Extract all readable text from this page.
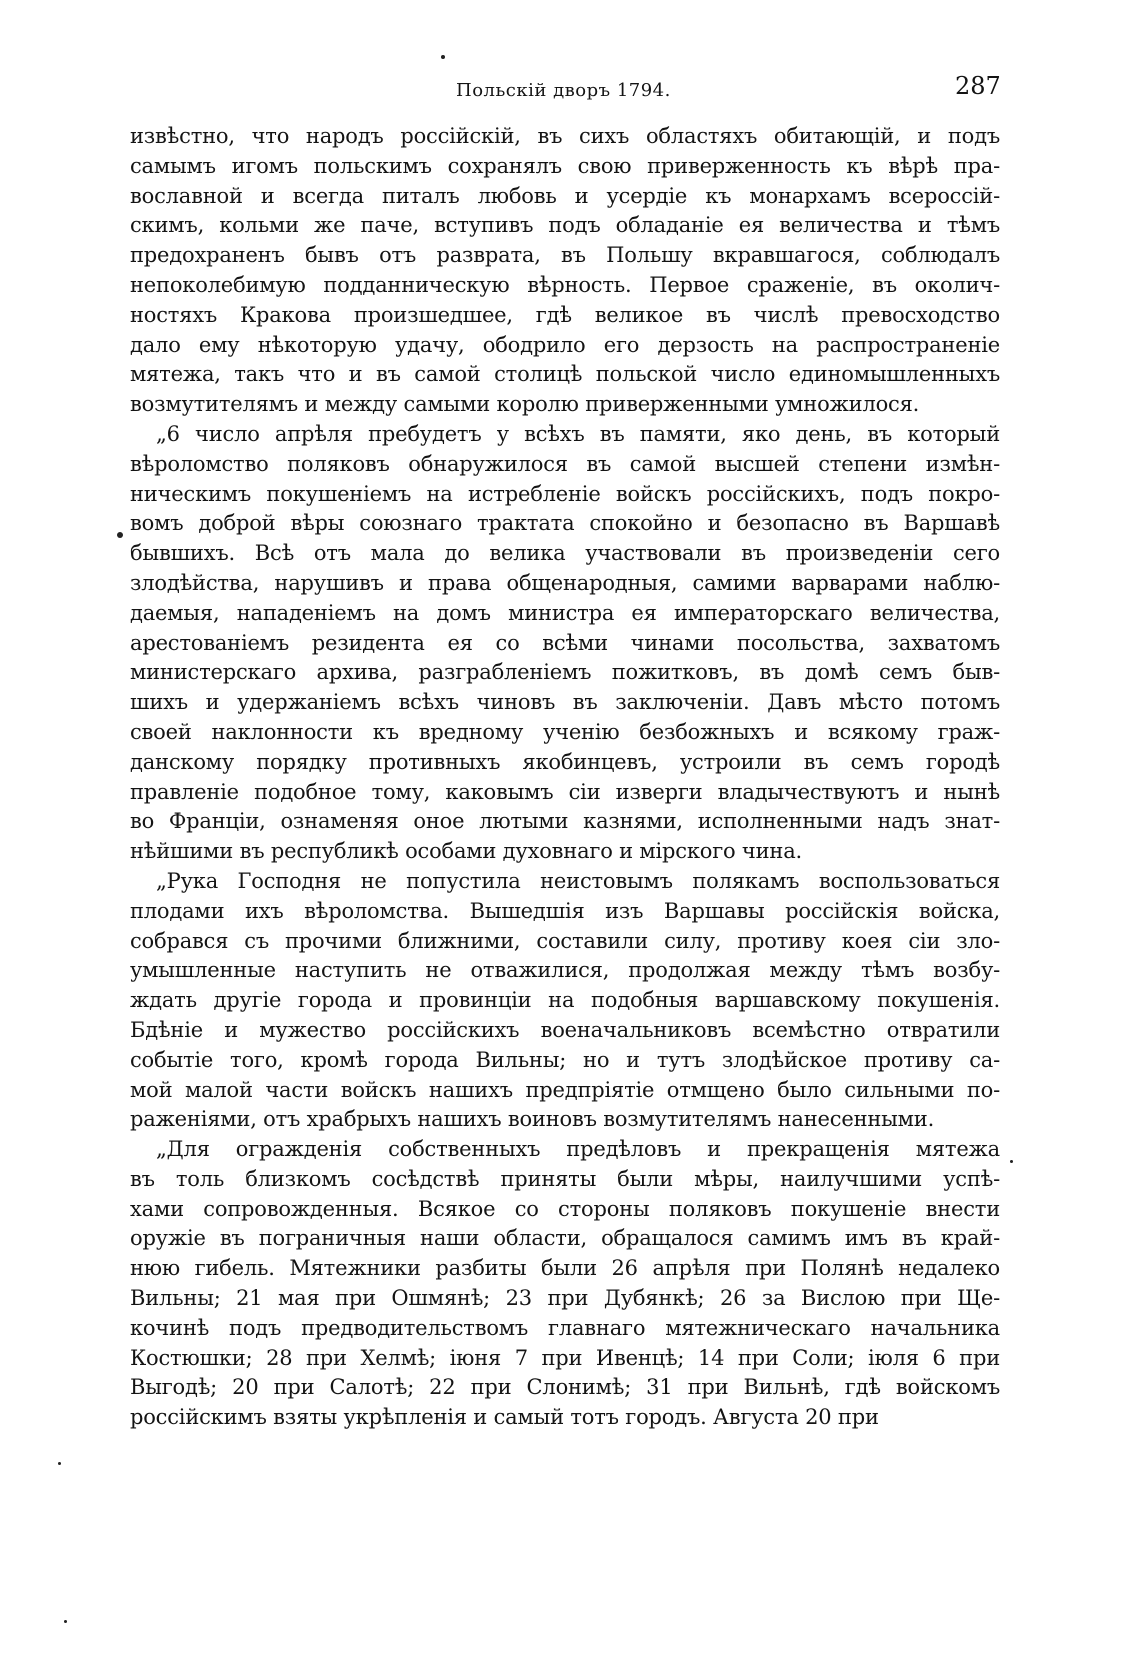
Польскій дворъ 1794.	287
извѣстно, что народъ россійскій, въ сихъ областяхъ обитающій, и подъ
самымъ игомъ польскимъ сохранялъ свою приверженность къ вѣрѣ пра-
вославной и всегда питалъ любовь и усердіе къ монархамъ всероссій-
скимъ, кольми же паче, вступивъ подъ обладаніе ея величества и тѣмъ
предохраненъ бывъ отъ разврата, въ Польшу вкравшагося, соблюдалъ
непоколебимую подданническую вѣрность. Первое сраженіе, въ околич-
ностяхъ Кракова произшедшее, гдѣ великое въ числѣ превосходство
дало ему нѣкоторую удачу, ободрило его дерзость на распространеніе
мятежа, такъ что и въ самой столицѣ польской число единомышленныхъ
возмутителямъ и между самыми королю приверженными умножилося.
„6 число апрѣля пребудетъ у всѣхъ въ памяти, яко день, въ который
вѣроломство поляковъ обнаружилося въ самой высшей степени измѣн-
ническимъ покушеніемъ на истребленіе войскъ россійскихъ, подъ покро-
вомъ доброй вѣры союзнаго трактата спокойно и безопасно въ Варшавѣ
бывшихъ. Всѣ отъ мала до велика участвовали въ произведеніи сего
злодѣйства, нарушивъ и права общенародныя, самими варварами наблю-
даемыя, нападеніемъ на домъ министра ея императорскаго величества,
арестованіемъ резидента ея со всѣми чинами посольства, захватомъ
министерскаго архива, разграбленіемъ пожитковъ, въ домѣ семъ быв-
шихъ и удержаніемъ всѣхъ чиновъ въ заключеніи. Давъ мѣсто потомъ
своей наклонности къ вредному ученію безбожныхъ и всякому граж-
данскому порядку противныхъ якобинцевъ, устроили въ семъ городѣ
правленіе подобное тому, каковымъ сіи изверги владычествуютъ и нынѣ
во Франціи, ознаменяя оное лютыми казнями, исполненными надъ знат-
нѣйшими въ республикѣ особами духовнаго и мірского чина.
„Рука Господня не попустила неистовымъ полякамъ воспользоваться
плодами ихъ вѣроломства. Вышедшія изъ Варшавы россійскія войска,
собрався съ прочими ближними, составили силу, противу коея сіи зло-
умышленные наступить не отважилися, продолжая между тѣмъ возбу-
ждать другіе города и провинціи на подобныя варшавскому покушенія.
Бдѣніе и мужество россійскихъ военачальниковъ всемѣстно отвратили
событіе того, кромѣ города Вильны; но и тутъ злодѣйское противу са-
мой малой части войскъ нашихъ предпріятіе отмщено было сильными по-
раженіями, отъ храбрыхъ нашихъ воиновъ возмутителямъ нанесенными.
„Для огражденія собственныхъ предѣловъ и прекращенія мятежа
въ толь близкомъ сосѣдствѣ приняты были мѣры, наилучшими успѣ-
хами сопровожденныя. Всякое со стороны поляковъ покушеніе внести
оружіе въ пограничныя наши области, обращалося самимъ имъ въ край-
нюю гибель. Мятежники разбиты были 26 апрѣля при Полянѣ недалеко
Вильны; 21 мая при Ошмянѣ; 23 при Дубянкѣ; 26 за Вислою при Ще-
кочинѣ подъ предводительствомъ главнаго мятежническаго начальника
Костюшки; 28 при Хелмѣ; іюня 7 при Ивенцѣ; 14 при Соли; іюля 6 при
Выгодѣ; 20 при Салотѣ; 22 при Слонимѣ; 31 при Вильнѣ, гдѣ войскомъ
россійскимъ взяты укрѣпленія и самый тотъ городъ. Августа 20 при
